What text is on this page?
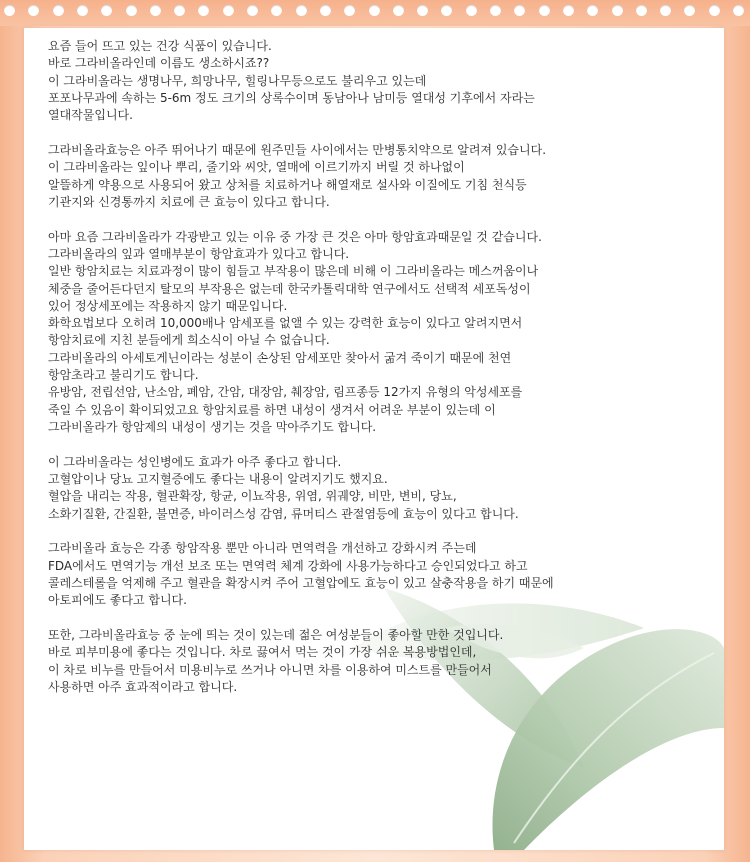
요즘 들어 뜨고 있는 건강 식품이 있습니다.
바로 그라비올라인데 이름도 생소하시죠??
이 그라비올라는 생명나무, 희망나무, 힐링나무등으로도 불리우고 있는데
포포나무과에 속하는 5-6m 정도 크기의 상록수이며 동남아나 남미등 열대성 기후에서 자라는
열대작물입니다.
그라비올라효능은 아주 뛰어나기 때문에 원주민들 사이에서는 만병통치약으로 알려져 있습니다.
이 그라비올라는 잎이나 뿌리, 줄기와 씨앗, 열매에 이르기까지 버릴 것 하나없이
알뜰하게 약용으로 사용되어 왔고 상처를 치료하거나 해열재로 설사와 이질에도 기침 천식등
기관지와 신경통까지 치료에 큰 효능이 있다고 합니다.
아마 요즘 그라비올라가 각광받고 있는 이유 중 가장 큰 것은 아마 항암효과때문일 것 같습니다.
그라비올라의 잎과 열매부분이 항암효과가 있다고 합니다.
일반 항암치료는 치료과정이 많이 힘들고 부작용이 많은데 비해 이 그라비올라는 메스꺼움이나
체중을 줄어든다던지 탈모의 부작용은 없는데 한국카톨릭대학 연구에서도 선택적 세포독성이
있어 정상세포에는 작용하지 않기 때문입니다.
화학요법보다 오히려 10,000배나 암세포를 없앨 수 있는 강력한 효능이 있다고 알려지면서
항암치료에 지친 분들에게 희소식이 아닐 수 없습니다.
그라비올라의 아세토게닌이라는 성분이 손상된 암세포만 찾아서 굶겨 죽이기 때문에 천연
항암초라고 불리기도 합니다.
유방암, 전립선암, 난소암, 폐암, 간암, 대장암, 췌장암, 림프종등 12가지 유형의 악성세포를
죽일 수 있음이 확이되었고요 항암치료를 하면 내성이 생겨서 어려운 부분이 있는데 이
그라비올라가 항암제의 내성이 생기는 것을 막아주기도 합니다.
이 그라비올라는 성인병에도 효과가 아주 좋다고 합니다.
고혈압이나 당뇨 고지혈증에도 좋다는 내용이 알려지기도 했지요.
혈압을 내리는 작용, 혈관확장, 항균, 이뇨작용, 위염, 위궤양, 비만, 변비, 당뇨,
소화기질환, 간질환, 불면증, 바이러스성 감염, 류머티스 관절염등에 효능이 있다고 합니다.
그라비올라 효능은 각종 항암작용 뿐만 아니라 면역력을 개선하고 강화시켜 주는데
FDA에서도 면역기능 개선 보조 또는 면역력 체계 강화에 사용가능하다고 승인되었다고 하고
콜레스테롤을 억제해 주고 혈관을 확장시켜 주어 고혈압에도 효능이 있고 살충작용을 하기 때문에
아토피에도 좋다고 합니다.
또한, 그라비올라효능 중 눈에 띄는 것이 있는데 젊은 여성분들이 좋아할 만한 것입니다.
바로 피부미용에 좋다는 것입니다. 차로 끓여서 먹는 것이 가장 쉬운 복용방법인데,
이 차로 비누를 만들어서 미용비누로 쓰거나 아니면 차를 이용하여 미스트를 만들어서
사용하면 아주 효과적이라고 합니다.
